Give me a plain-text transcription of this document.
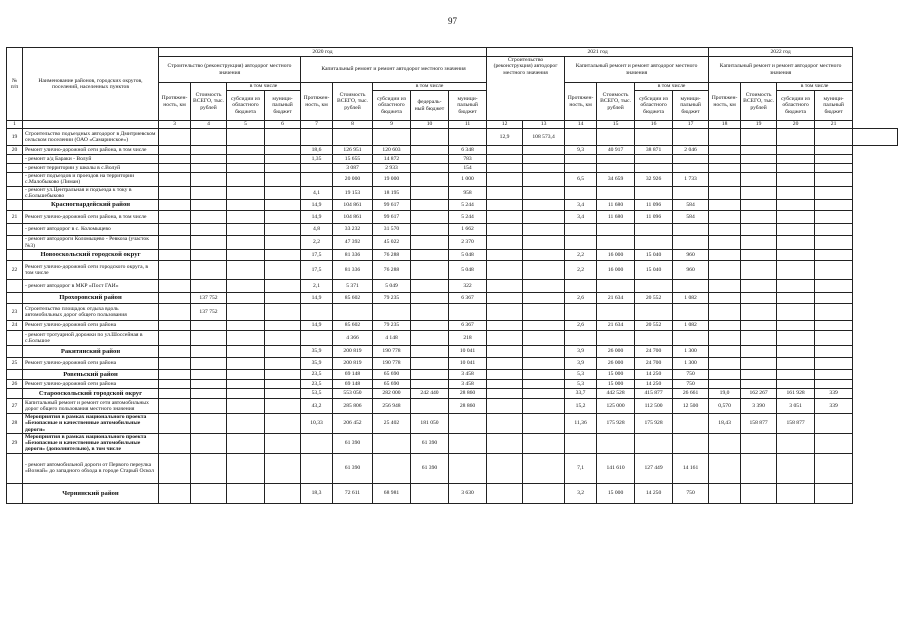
97
№ п/п	Наименование районов, городских округов, поселений, населенных пунктов	2020 год									2021 год						2022 год				
		Строительство (реконструкция) автодорог местного значения				Капитальный ремонт и ремонт автодорог местного значения					Строительство (реконструкция) автодорог местного значения		Капитальный ремонт и ремонт автодорог местного значения				Капитальный ремонт и ремонт автодорог местного значения				
		Протяжен-ность, км	Стоимость ВСЕГО, тыс. рублей	в том числе		Протяжен-ность, км	Стоимость ВСЕГО, тыс. рублей	в том числе					Протяжен-ность, км	Стоимость ВСЕГО, тыс. рублей	в том числе		Протяжен-ность, км	Стоимость ВСЕГО, тыс. рублей	в том числе		
				субсидии из областного бюджета	муници-пальный бюджет			субсидии из областного бюджета	федераль-ный бюджет	муници-пальный бюджет					субсидии из областного бюджета	муници-пальный бюджет			субсидии из областного бюджета	муници-пальный бюджет	
1		3	4	5	6	7	8	9	10	11	12	13	14	15	16	17	18	19	20	21	
19	Строительство подъездных автодорог в Дмитриевском сельском поселении (ОАО «Самаринское»)										12,9	108 573,4									
20	Ремонт улично-дорожной сети района, в том числе					18,6	126 951	120 603		6 348			9,3	40 917	38 871	2 046					
	- ремонт а/д Бараки - Волуй					1,35	15 655	14 872		783											
	- ремонт территории у школы в с.Волуй						3 087	2 933		154											
	- ремонт подъездов и проездов на территории с.Малобыково (Лиман)						20 000	19 000		1 000			6,5	34 659	32 926	1 733					
	- ремонт ул.Центральная и подъезда к току в с.Большебыково					4,1	19 153	18 195		958											
	Красногвардейский район					14,9	104 861	99 617		5 244			3,4	11 680	11 096	584					
21	Ремонт улично-дорожной сети района, в том числе					14,9	104 861	99 617		5 244			3,4	11 680	11 096	584					
	- ремонт автодорог в с. Коломыцево					4,8	33 232	31 570		1 662											
	- ремонт автодороги Коломыцево - Ревкоза (участок №3)					2,2	47 392	45 022		2 370											
	Новооскольский городской округ					17,5	81 336	76 288		5 048			2,2	16 000	15 040	960					
22	Ремонт улично-дорожной сети городского округа, в том числе					17,5	81 336	76 288		5 048			2,2	16 000	15 040	960					
	- ремонт автодорог в МКР «Пост ГАИ»					2,1	5 371	5 049		322											
	Прохоровский район		137 752			14,9	85 602	79 235		6 367			2,6	21 634	20 552	1 082					
23	Строительство площадок отдыха вдоль автомобильных дорог общего пользования		137 752																		
24	Ремонт улично-дорожной сети района					14,9	85 602	79 235		6 367			2,6	21 634	20 552	1 082					
	- ремонт тротуарной дорожки по ул.Шоссейная в с.Большое						4 366	4 148		218											
	Ракитянский район					35,9	200 819	190 778		10 041			3,9	26 000	24 700	1 300					
25	Ремонт улично-дорожной сети района					35,9	200 819	190 778		10 041			3,9	26 000	24 700	1 300					
	Ровеньский район					23,5	69 148	65 690		3 458			5,3	15 000	14 250	750					
26	Ремонт улично-дорожной сети района					23,5	69 148	65 690		3 458			5,3	15 000	14 250	750					
	Старооскольский городской округ					53,5	553 050	282 000	242 440	28 860			33,7	442 528	415 877	26 661	19,0	162 267	161 928	339	
27	Капитальный ремонт и ремонт сети автомобильных дорог общего пользования местного значения					43,2	285 806	256 948		28 860			15,2	125 000	112 500	12 500	0,570	3 390	3 051	339	
28	Мероприятия в рамках национального проекта «Безопасные и качественные автомобильные дороги»					10,33	206 452	25 402	181 050				11,36	175 928	175 928		18,43	158 877	158 877		
29	Мероприятия в рамках национального проекта «Безопасные и качественные автомобильные дороги» (дополнительно), в том числе						61 390		61 390												
	- ремонт автомобильной дороги от Первого переулка «Вознай» до западного обхода в городе Старый Оскол						61 390		61 390				7,1	141 610	127 449	14 161					
	Чернянский район					18,3	72 611	68 981		3 630			3,2	15 000	14 250	750					
